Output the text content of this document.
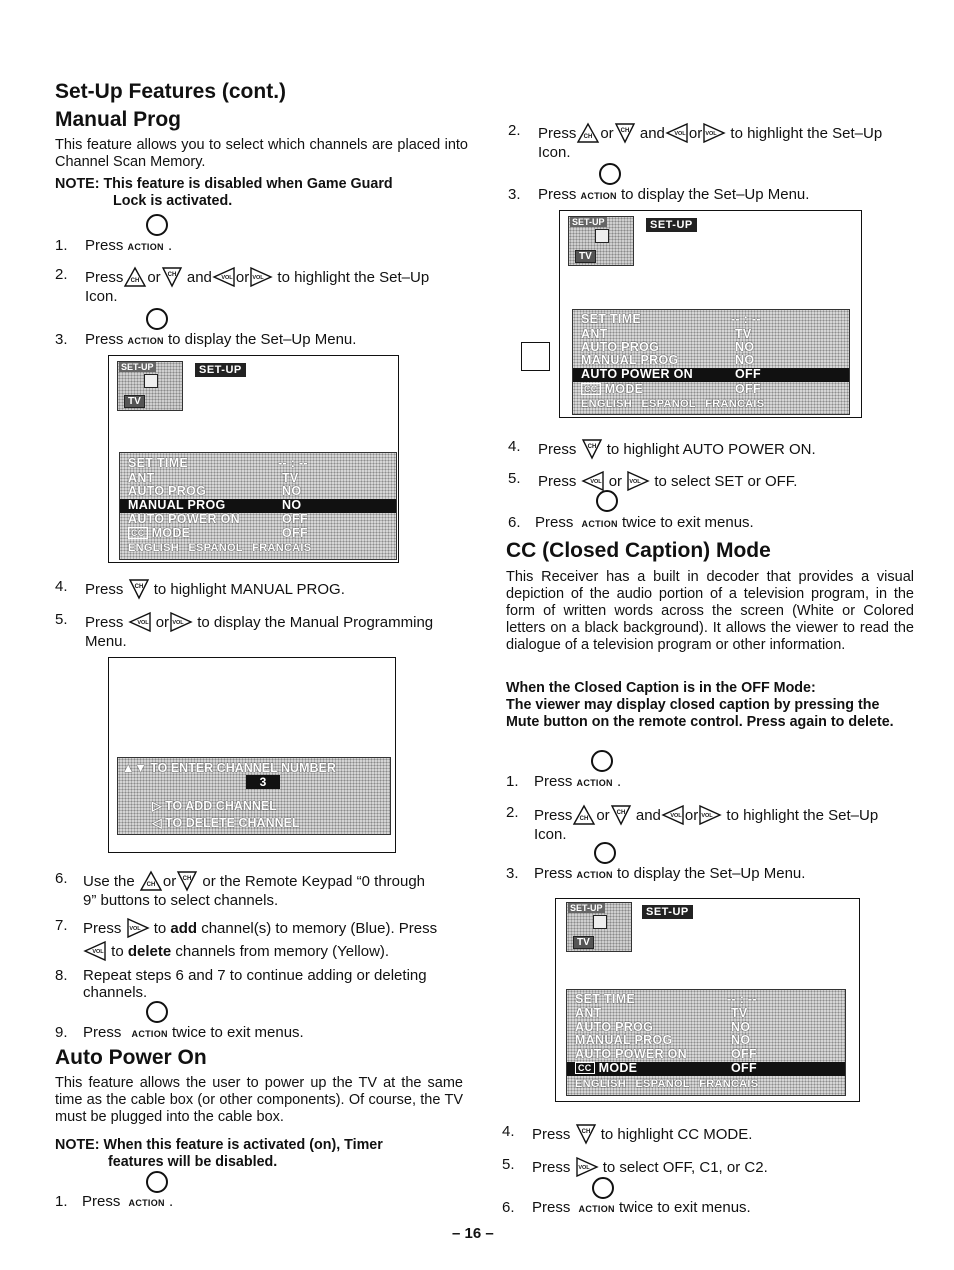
Set-Up Features (cont.)
Manual Prog
This feature allows you to select which channels are placed into Channel Scan Memory.
NOTE: This feature is disabled when Game Guard
Lock is activated.
1. Press ACTION .
2. Press CH or CH and VOL or VOL to highlight the Set–Up
Icon.
3. Press ACTION to display the Set–Up Menu.
SET-UP
TV
SET-UP
SET TIME	-- : --
ANT	TV
AUTO PROG	NO
MANUAL PROG	NO
AUTO POWER ON	OFF
CC MODE	OFF
ENGLISH ESPANOL FRANCAIS
4. Press CH to highlight MANUAL PROG.
5. Press VOL or VOL to display the Manual Programming
Menu.
▲▼ TO ENTER CHANNEL NUMBER
3
▷ TO ADD CHANNEL
◁ TO DELETE CHANNEL
6. Use the CH or CH or the Remote Keypad “0 through
9” buttons to select channels.
7. Press VOL to add channel(s) to memory (Blue). Press

VOL to delete channels from memory (Yellow).
8. Repeat steps 6 and 7 to continue adding or deleting
channels.
9. Press ACTION twice to exit menus.
Auto Power On
This feature allows the user to power up the TV at the same time as the cable box (or other components). Of course, the TV must be plugged into the cable box.
NOTE: When this feature is activated (on), Timer
features will be disabled.
1. Press ACTION .
2. Press CH or CH and VOL or VOL to highlight the Set–Up
Icon.
3. Press ACTION to display the Set–Up Menu.
SET-UP
TV
SET-UP
SET TIME	-- : --
ANT	TV
AUTO PROG	NO
MANUAL PROG	NO
AUTO POWER ON	OFF
CC MODE	OFF
ENGLISH ESPANOL FRANCAIS
4. Press CH to highlight AUTO POWER ON.
5. Press VOL or VOL to select SET or OFF.
6. Press ACTION twice to exit menus.
CC (Closed Caption) Mode
This Receiver has a built in decoder that provides a visual depiction of the audio portion of a television program, in the form of written words across the screen (White or Colored letters on a black background). It allows the viewer to read the dialogue of a television program or other information.
When the Closed Caption is in the OFF Mode:
The viewer may display closed caption by pressing the Mute button on the remote control. Press again to delete.
1. Press ACTION .
2. Press CH or CH and VOL or VOL to highlight the Set–Up
Icon.
3. Press ACTION to display the Set–Up Menu.
SET-UP
TV
SET-UP
SET TIME	-- : --
ANT	TV
AUTO PROG	NO
MANUAL PROG	NO
AUTO POWER ON	OFF
CC MODE	OFF
ENGLISH ESPANOL FRANCAIS
4. Press CH to highlight CC MODE.
5. Press VOL to select OFF, C1, or C2.
6. Press ACTION twice to exit menus.
– 16 –
